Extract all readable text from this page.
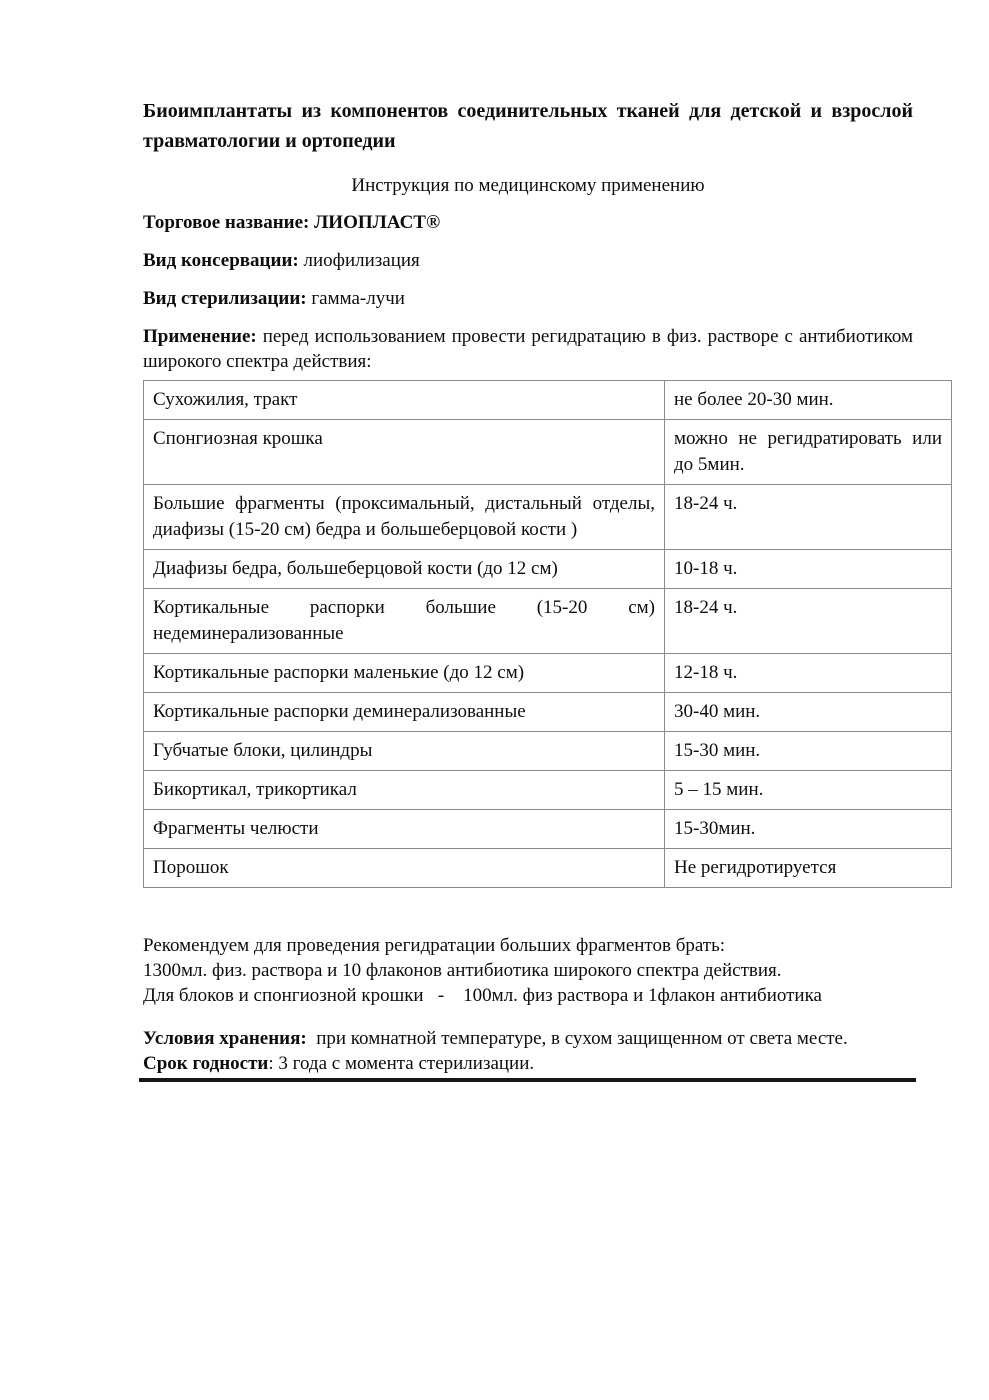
Биоимплантаты из компонентов соединительных тканей для детской и взрослой травматологии и ортопедии

Инструкция по медицинскому применению

Торговое название: ЛИОПЛАСТ®

Вид консервации: лиофилизация

Вид стерилизации: гамма-лучи

Применение: перед использованием провести регидратацию в физ. растворе с антибиотиком широкого спектра действия:

Сухожилия, тракт	не более 20-30 мин.
Спонгиозная крошка	можно не регидратировать или до 5мин.
Большие фрагменты (проксимальный, дистальный отделы, диафизы (15-20 см) бедра и большеберцовой кости )	18-24 ч.
Диафизы бедра, большеберцовой кости (до 12 см)	10-18 ч.
Кортикальные распорки большие (15-20 см) недеминерализованные	18-24 ч.
Кортикальные распорки маленькие (до 12 см)	12-18 ч.
Кортикальные распорки деминерализованные	30-40 мин.
Губчатые блоки, цилиндры	15-30 мин.
Бикортикал, трикортикал	5 – 15 мин.
Фрагменты челюсти	15-30мин.
Порошок	Не регидротируется

Рекомендуем для проведения регидратации больших фрагментов брать:

1300мл. физ. раствора и 10 флаконов антибиотика широкого спектра действия.

Для блоков и спонгиозной крошки   -    100мл. физ раствора и 1флакон антибиотика

Условия хранения:  при комнатной температуре, в сухом защищенном от света месте.

Срок годности: 3 года с момента стерилизации.
